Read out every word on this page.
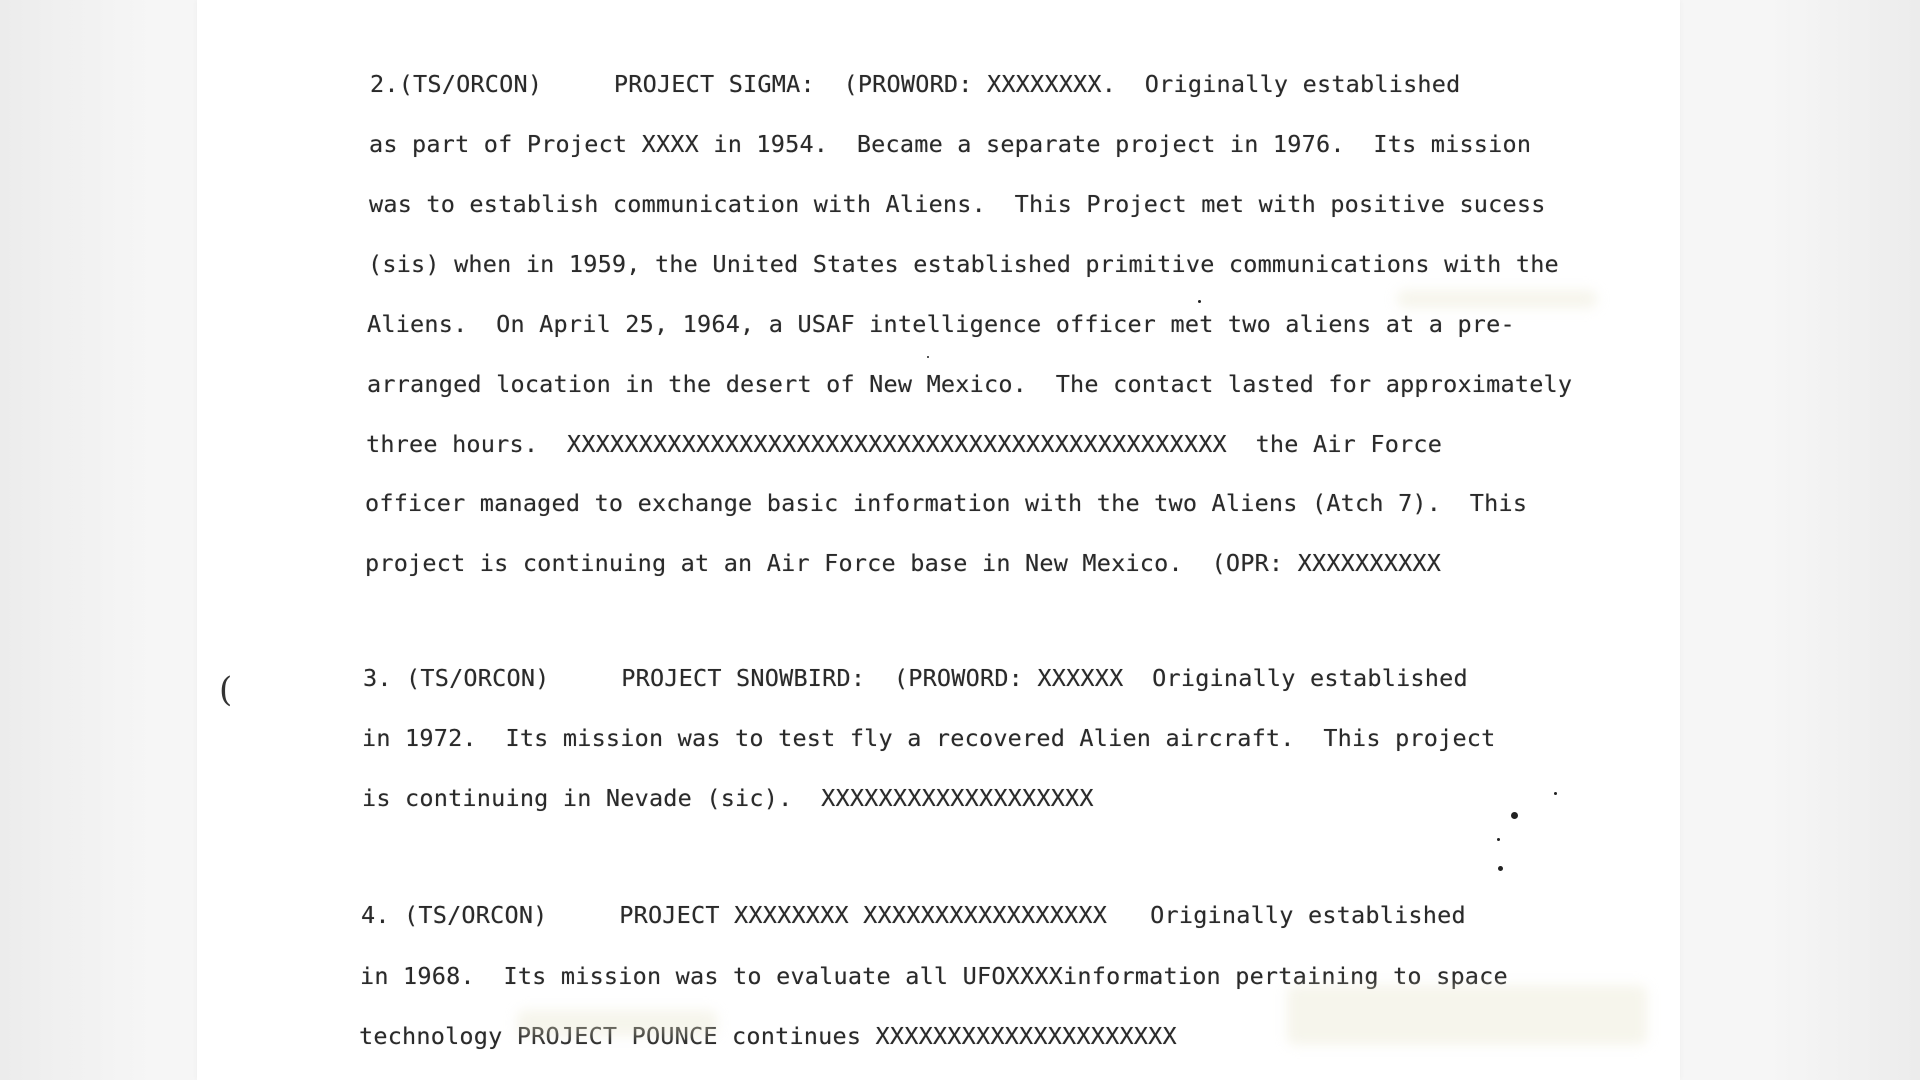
2.(TS/ORCON)     PROJECT SIGMA:  (PROWORD: XXXXXXXX.  Originally established

as part of Project XXXX in 1954.  Became a separate project in 1976.  Its mission

was to establish communication with Aliens.  This Project met with positive sucess

(sis) when in 1959, the United States established primitive communications with the

Aliens.  On April 25, 1964, a USAF intelligence officer met two aliens at a pre-

arranged location in the desert of New Mexico.  The contact lasted for approximately

three hours.  XXXXXXXXXXXXXXXXXXXXXXXXXXXXXXXXXXXXXXXXXXXXXX  the Air Force

officer managed to exchange basic information with the two Aliens (Atch 7).  This

project is continuing at an Air Force base in New Mexico.  (OPR: XXXXXXXXXX

3. (TS/ORCON)     PROJECT SNOWBIRD:  (PROWORD: XXXXXX  Originally established

in 1972.  Its mission was to test fly a recovered Alien aircraft.  This project

is continuing in Nevade (sic).  XXXXXXXXXXXXXXXXXXX

4. (TS/ORCON)     PROJECT XXXXXXXX XXXXXXXXXXXXXXXXX   Originally established

in 1968.  Its mission was to evaluate all UFOXXXXinformation pertaining to space

technology PROJECT POUNCE continues XXXXXXXXXXXXXXXXXXXXX

(
